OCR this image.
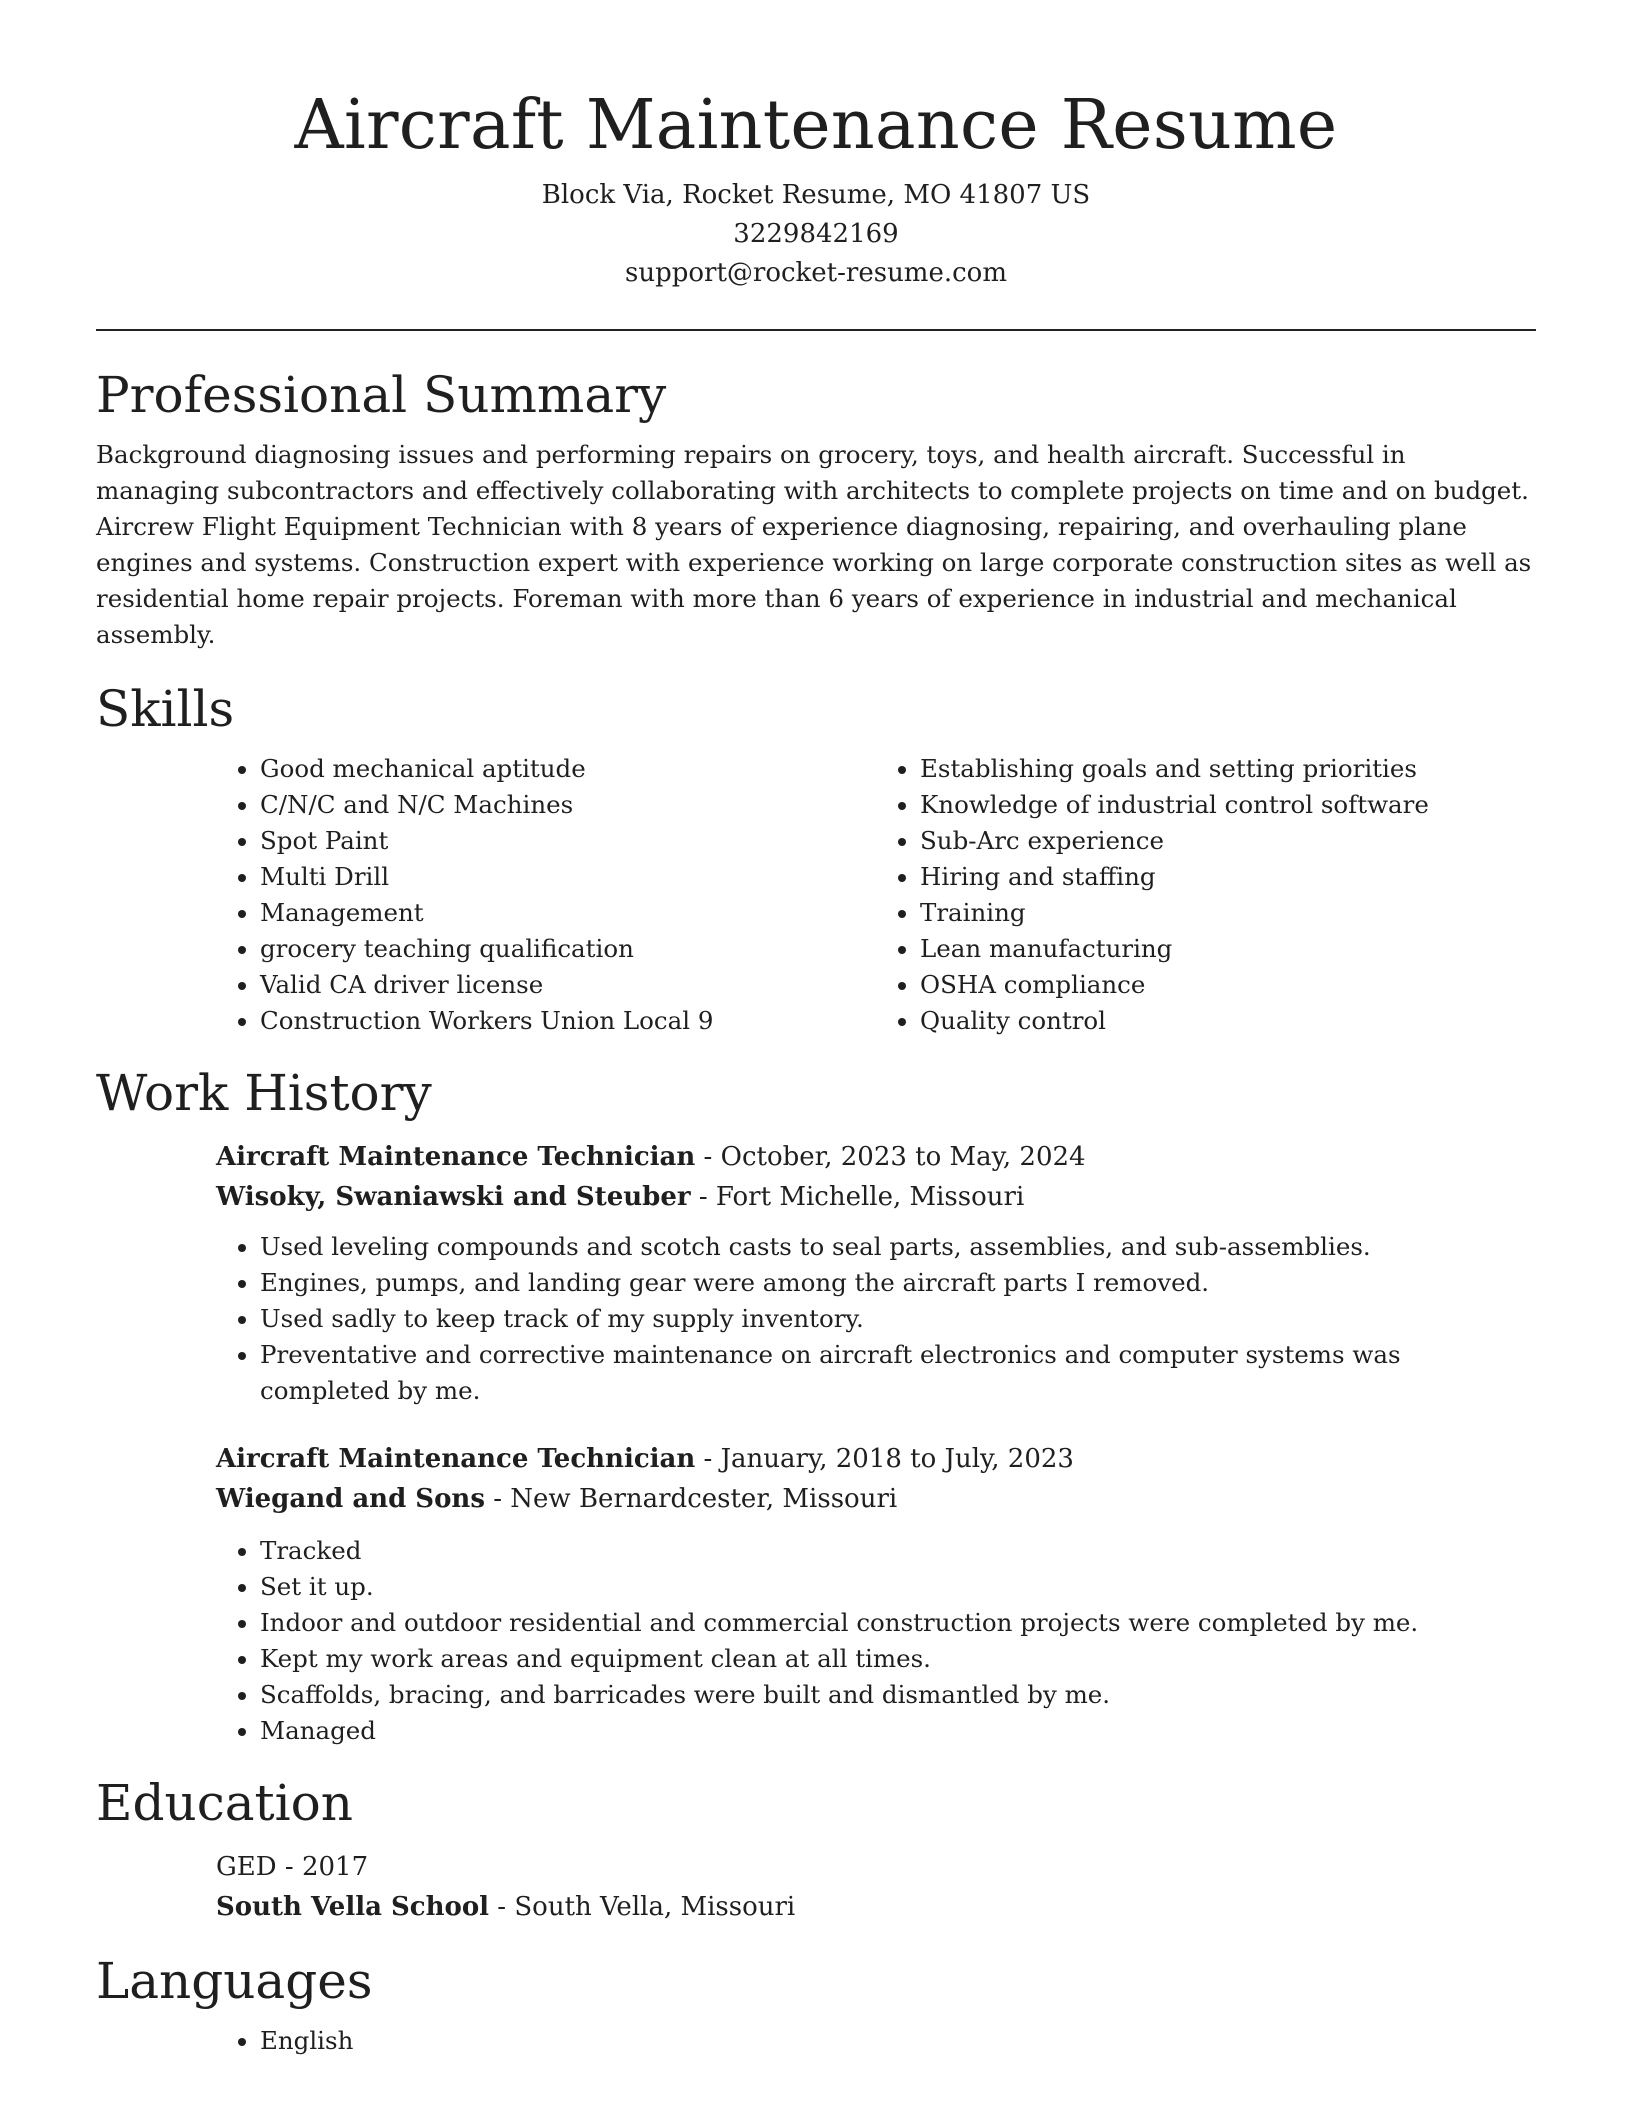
Aircraft Maintenance Resume
Block Via, Rocket Resume, MO 41807 US
3229842169
support@rocket-resume.com
Professional Summary

Background diagnosing issues and performing repairs on grocery, toys, and health aircraft. Successful in managing subcontractors and effectively collaborating with architects to complete projects on time and on budget. Aircrew Flight Equipment Technician with 8 years of experience diagnosing, repairing, and overhauling plane engines and systems. Construction expert with experience working on large corporate construction sites as well as residential home repair projects. Foreman with more than 6 years of experience in industrial and mechanical assembly.

Skills
• Good mechanical aptitude
• C/N/C and N/C Machines
• Spot Paint
• Multi Drill
• Management
• grocery teaching qualification
• Valid CA driver license
• Construction Workers Union Local 9
• Establishing goals and setting priorities
• Knowledge of industrial control software
• Sub-Arc experience
• Hiring and staffing
• Training
• Lean manufacturing
• OSHA compliance
• Quality control
Work History
Aircraft Maintenance Technician - October, 2023 to May, 2024
Wisoky, Swaniawski and Steuber - Fort Michelle, Missouri
• Used leveling compounds and scotch casts to seal parts, assemblies, and sub-assemblies.
• Engines, pumps, and landing gear were among the aircraft parts I removed.
• Used sadly to keep track of my supply inventory.
• Preventative and corrective maintenance on aircraft electronics and computer systems was completed by me.
Aircraft Maintenance Technician - January, 2018 to July, 2023
Wiegand and Sons - New Bernardcester, Missouri
• Tracked
• Set it up.
• Indoor and outdoor residential and commercial construction projects were completed by me.
• Kept my work areas and equipment clean at all times.
• Scaffolds, bracing, and barricades were built and dismantled by me.
• Managed
Education
GED - 2017
South Vella School - South Vella, Missouri
Languages
• English
